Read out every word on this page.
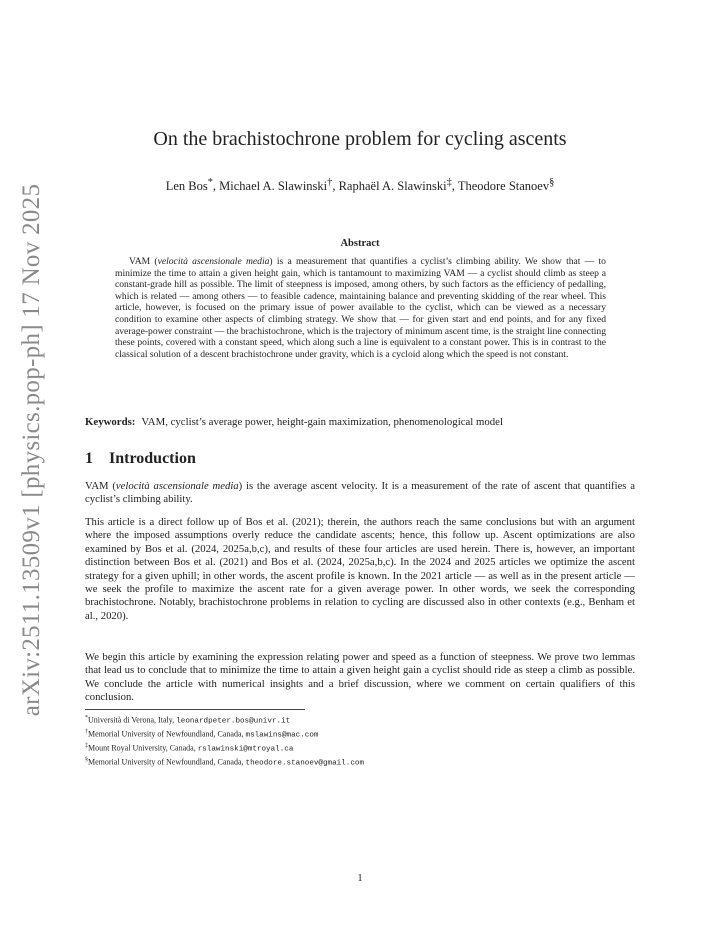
arXiv:2511.13509v1 [physics.pop-ph] 17 Nov 2025
On the brachistochrone problem for cycling ascents
Len Bos*, Michael A. Slawinski†, Raphaël A. Slawinski‡, Theodore Stanoev§
Abstract
VAM (velocità ascensionale media) is a measurement that quantifies a cyclist’s climbing ability. We show that — to minimize the time to attain a given height gain, which is tantamount to maximizing VAM — a cyclist should climb as steep a constant-grade hill as possible. The limit of steepness is imposed, among others, by such factors as the efficiency of pedalling, which is related — among others — to feasible cadence, maintaining balance and preventing skidding of the rear wheel. This article, however, is focused on the primary issue of power available to the cyclist, which can be viewed as a necessary condition to examine other aspects of climbing strategy. We show that — for given start and end points, and for any fixed average-power constraint — the brachistochrone, which is the trajectory of minimum ascent time, is the straight line connecting these points, covered with a constant speed, which along such a line is equivalent to a constant power. This is in contrast to the classical solution of a descent brachistochrone under gravity, which is a cycloid along which the speed is not constant.
Keywords: VAM, cyclist’s average power, height-gain maximization, phenomenological model
1 Introduction
VAM (velocità ascensionale media) is the average ascent velocity. It is a measurement of the rate of ascent that quantifies a cyclist’s climbing ability.
This article is a direct follow up of Bos et al. (2021); therein, the authors reach the same conclusions but with an argument where the imposed assumptions overly reduce the candidate ascents; hence, this follow up. Ascent optimizations are also examined by Bos et al. (2024, 2025a,b,c), and results of these four articles are used herein. There is, however, an important distinction between Bos et al. (2021) and Bos et al. (2024, 2025a,b,c). In the 2024 and 2025 articles we optimize the ascent strategy for a given uphill; in other words, the ascent profile is known. In the 2021 article — as well as in the present article — we seek the profile to maximize the ascent rate for a given average power. In other words, we seek the corresponding brachistochrone. Notably, brachistochrone problems in relation to cycling are discussed also in other contexts (e.g., Benham et al., 2020).
We begin this article by examining the expression relating power and speed as a function of steepness. We prove two lemmas that lead us to conclude that to minimize the time to attain a given height gain a cyclist should ride as steep a climb as possible. We conclude the article with numerical insights and a brief discussion, where we comment on certain qualifiers of this conclusion.
*Università di Verona, Italy, leonardpeter.bos@univr.it
†Memorial University of Newfoundland, Canada, mslawins@mac.com
‡Mount Royal University, Canada, rslawinski@mtroyal.ca
§Memorial University of Newfoundland, Canada, theodore.stanoev@gmail.com
1
